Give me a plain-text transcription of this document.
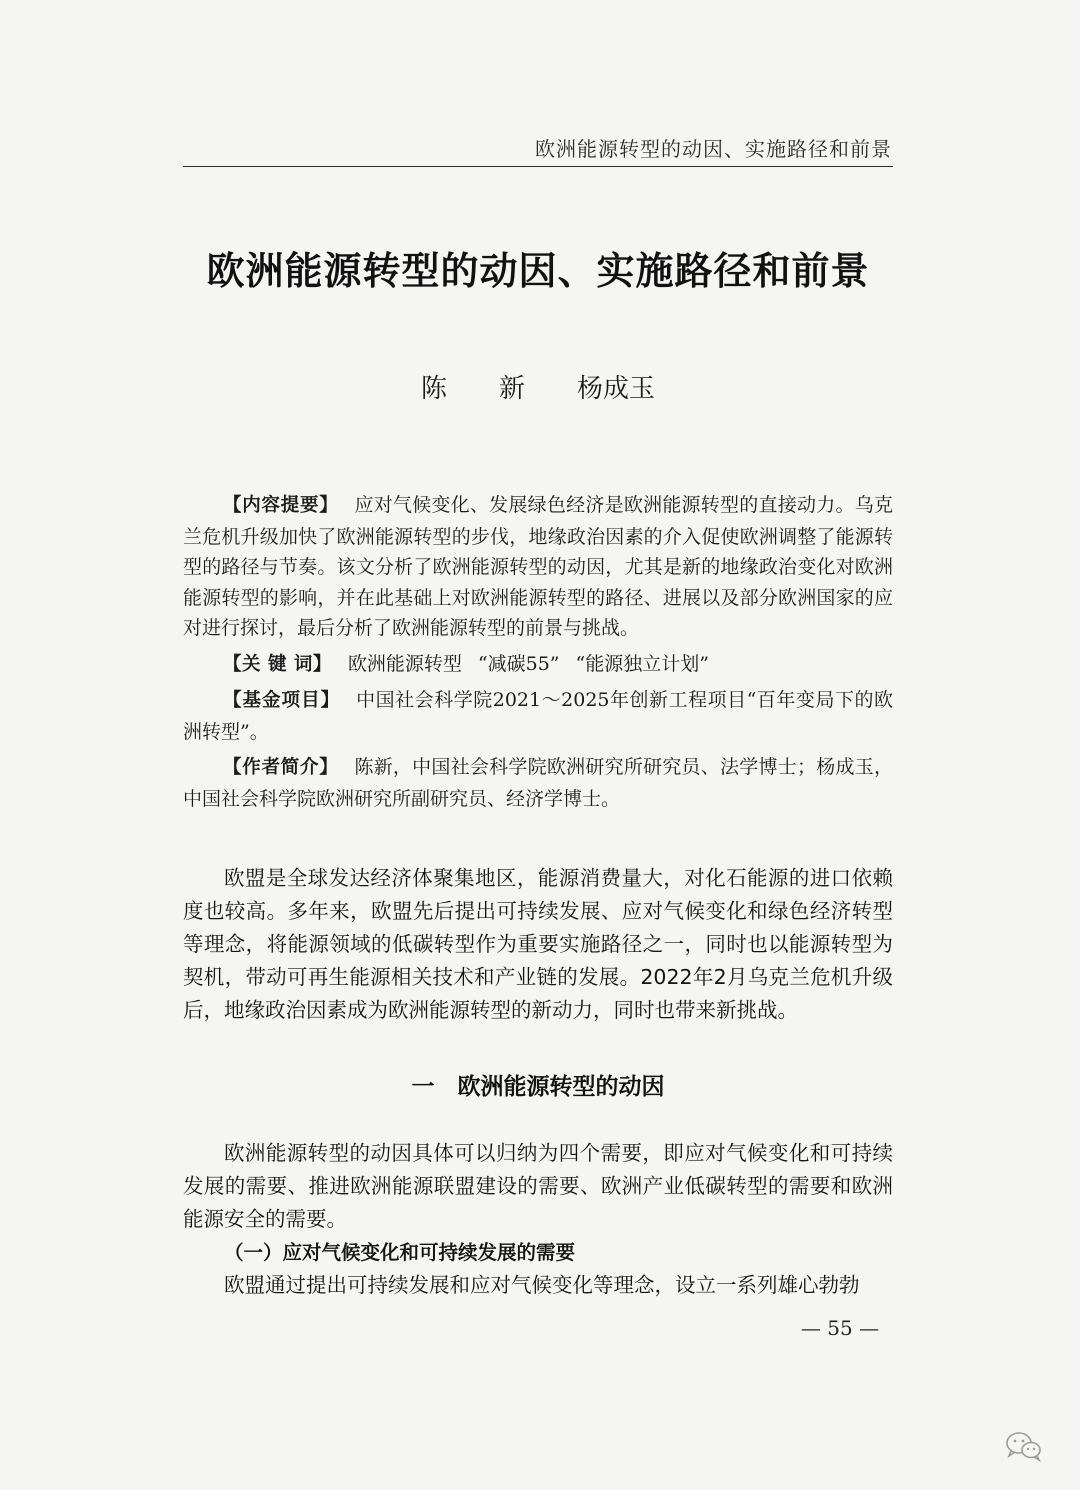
欧洲能源转型的动因、实施路径和前景
欧洲能源转型的动因、实施路径和前景
陈　　新　　杨成玉

【内容提要】 应对气候变化、发展绿色经济是欧洲能源转型的直接动力。乌克兰危机升级加快了欧洲能源转型的步伐，地缘政治因素的介入促使欧洲调整了能源转型的路径与节奏。该文分析了欧洲能源转型的动因，尤其是新的地缘政治变化对欧洲能源转型的影响，并在此基础上对欧洲能源转型的路径、进展以及部分欧洲国家的应对进行探讨，最后分析了欧洲能源转型的前景与挑战。

【关 键 词】 欧洲能源转型 “减碳55” “能源独立计划”

【基金项目】 中国社会科学院2021～2025年创新工程项目“百年变局下的欧洲转型”。

【作者简介】 陈新，中国社会科学院欧洲研究所研究员、法学博士；杨成玉，中国社会科学院欧洲研究所副研究员、经济学博士。

欧盟是全球发达经济体聚集地区，能源消费量大，对化石能源的进口依赖度也较高。多年来，欧盟先后提出可持续发展、应对气候变化和绿色经济转型等理念，将能源领域的低碳转型作为重要实施路径之一，同时也以能源转型为契机，带动可再生能源相关技术和产业链的发展。2022年2月乌克兰危机升级后，地缘政治因素成为欧洲能源转型的新动力，同时也带来新挑战。

一　欧洲能源转型的动因

欧洲能源转型的动因具体可以归纳为四个需要，即应对气候变化和可持续发展的需要、推进欧洲能源联盟建设的需要、欧洲产业低碳转型的需要和欧洲能源安全的需要。

（一）应对气候变化和可持续发展的需要

欧盟通过提出可持续发展和应对气候变化等理念，设立一系列雄心勃勃

— 55 —
